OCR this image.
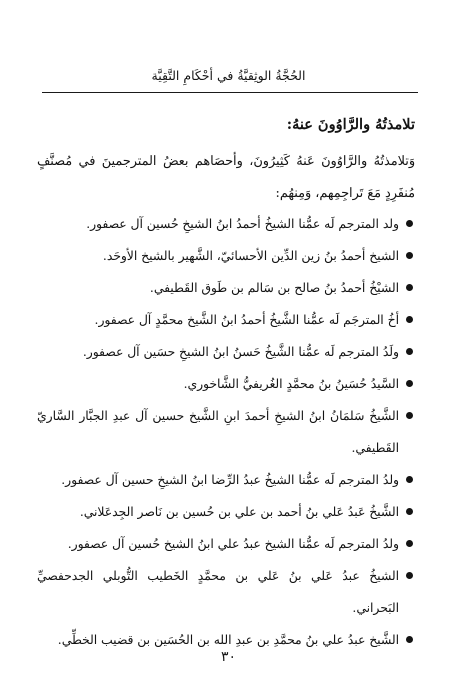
الحُجَّةُ الوثِقيَّةُ في أحْكَامِ التَّقِيَّة
تلامذتُهُ والرَّاوُونَ عنهُ:

وَتلامذتُهُ والرَّاوُونَ عَنهُ كَثِيرُونَ، وأحصَاهم بعضُ المترجمينَ في مُصنَّفٍ مُنفَرِدٍ مَعَ تَراجِمِهم، وَمِنهُم:

ولد المترجم لَه عمُّنا الشيخُ أحمدُ ابنُ الشيخِ حُسين آل عصفور.
الشيخ أحمدُ بنُ زين الدِّين الأحسائيّ، الشَّهير بالشيخ الأوحَد.
الشيْخُ أحمدُ بنُ صالح بن سَالم بن طَوق القَطيفي.
أخُ المترجَم لَه عمُّنا الشَّيخُ أحمدُ ابنُ الشَّيخ محمَّدٍ آل عصفور.
ولَدُ المترجم لَه عمُّنا الشَّيخُ حَسنُ ابنُ الشيخِ حسَين آل عصفور.
السَّيدُ حُسَينُ بنُ محمَّدٍ الغُريفيُّ الشَّاخوري.
الشَّيخُ سَلمَانُ ابنُ الشيخِ أحمدَ ابنِ الشَّيخ حسين آل عبدِ الجبَّار السَّاريّ القَطيفي.
ولدُ المترجم لَه عمُّنا الشيخُ عبدُ الرِّضا ابنُ الشيخِ حسين آل عصفور.
الشَّيخُ عَبدُ عَلي بنُ أحمد بن علي بن حُسين بن نَاصر الجِدعَلاني.
ولدُ المترجم لَه عمُّنا الشيخ عبدُ علي ابنُ الشيخ حُسين آل عصفور.
الشيخُ عبدُ عَلي بنُ عَلي بن محمَّدٍ الخَطيب التُّوبلي الجدحفصيِّ البَحراني.
الشَّيخ عبدُ علي بنُ محمَّدِ بن عبدِ الله بن الحُسَين بن قضيب الخطِّي.
٣٠
